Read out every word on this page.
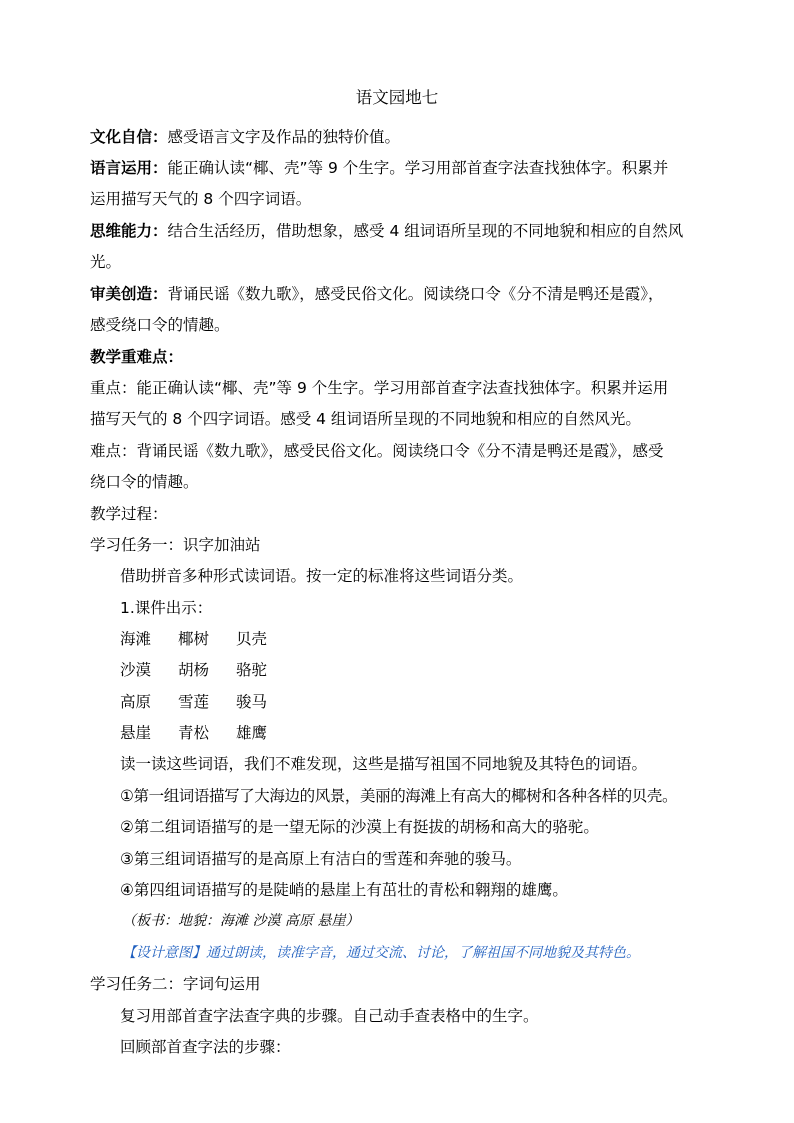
语文园地七
文化自信：感受语言文字及作品的独特价值。
语言运用：能正确认读“椰、壳”等 9 个生字。学习用部首查字法查找独体字。积累并
运用描写天气的 8 个四字词语。
思维能力：结合生活经历，借助想象，感受 4 组词语所呈现的不同地貌和相应的自然风
光。
审美创造：背诵民谣《数九歌》，感受民俗文化。阅读绕口令《分不清是鸭还是霞》，
感受绕口令的情趣。
教学重难点：
重点：能正确认读“椰、壳”等 9 个生字。学习用部首查字法查找独体字。积累并运用
描写天气的 8 个四字词语。感受 4 组词语所呈现的不同地貌和相应的自然风光。
难点：背诵民谣《数九歌》，感受民俗文化。阅读绕口令《分不清是鸭还是霞》，感受
绕口令的情趣。
教学过程：
学习任务一：识字加油站
借助拼音多种形式读词语。按一定的标准将这些词语分类。
1.课件出示：
海滩 椰树 贝壳
沙漠 胡杨 骆驼
高原 雪莲 骏马
悬崖 青松 雄鹰
读一读这些词语，我们不难发现，这些是描写祖国不同地貌及其特色的词语。
①第一组词语描写了大海边的风景，美丽的海滩上有高大的椰树和各种各样的贝壳。
②第二组词语描写的是一望无际的沙漠上有挺拔的胡杨和高大的骆驼。
③第三组词语描写的是高原上有洁白的雪莲和奔驰的骏马。
④第四组词语描写的是陡峭的悬崖上有茁壮的青松和翱翔的雄鹰。
（板书：地貌：海滩 沙漠 高原 悬崖）
【设计意图】通过朗读，读准字音，通过交流、讨论，了解祖国不同地貌及其特色。
学习任务二：字词句运用
复习用部首查字法查字典的步骤。自己动手查表格中的生字。
回顾部首查字法的步骤：
